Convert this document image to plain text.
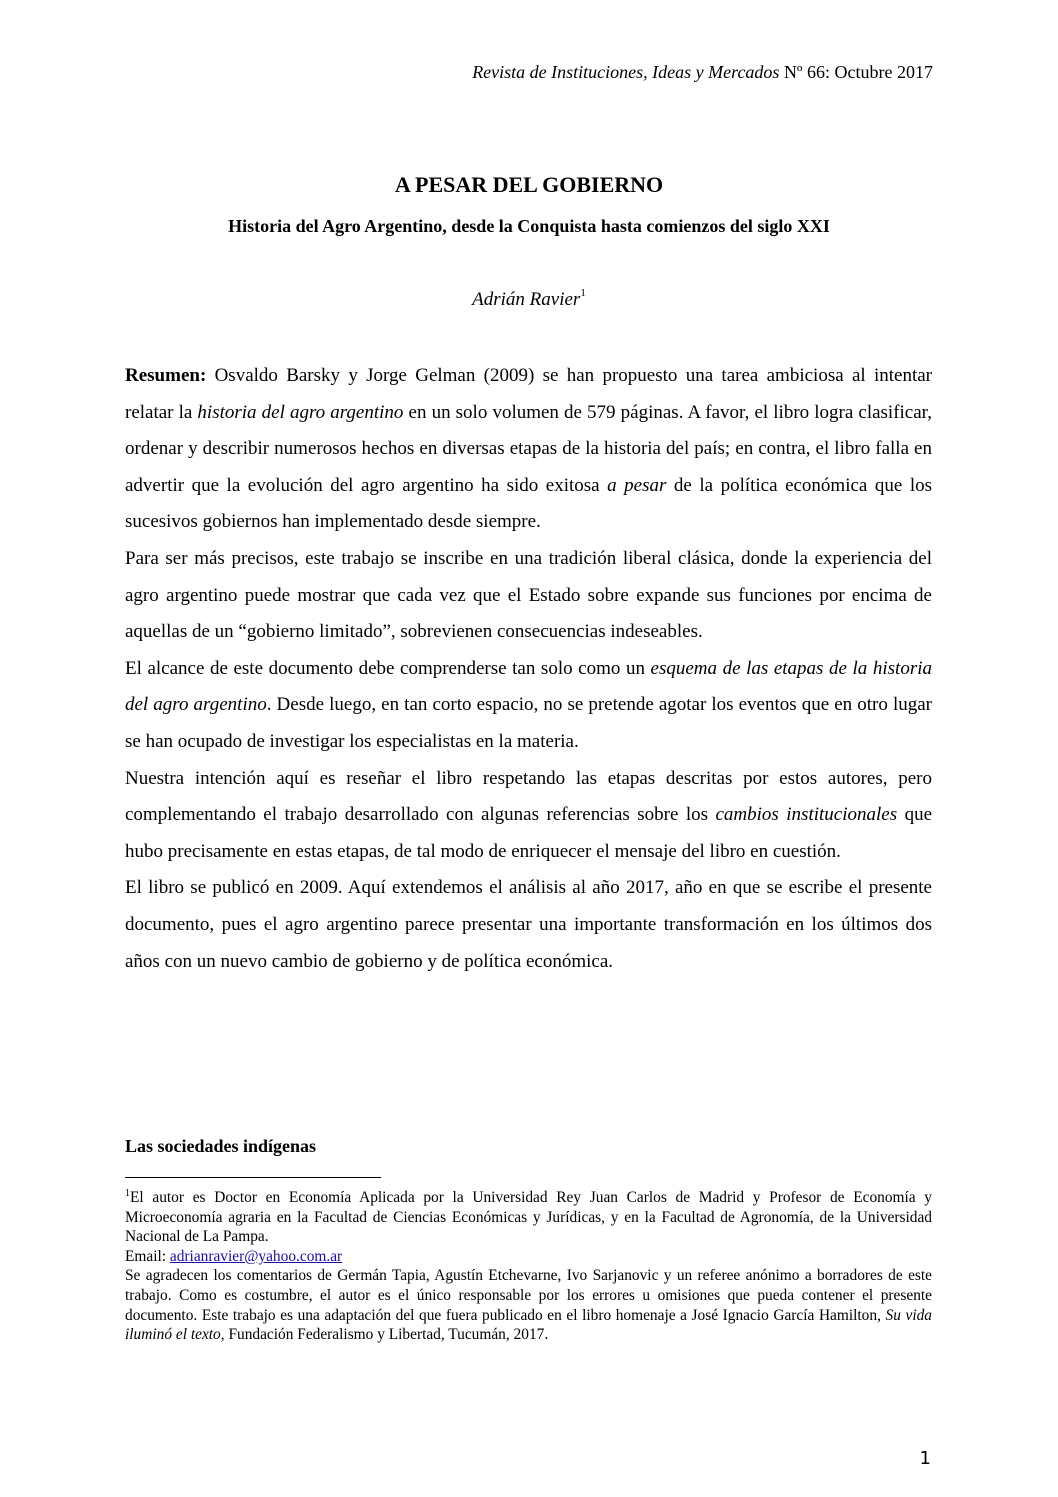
Revista de Instituciones, Ideas y Mercados Nº 66: Octubre 2017
A PESAR DEL GOBIERNO
Historia del Agro Argentino, desde la Conquista hasta comienzos del siglo XXI
Adrián Ravier$^1$

Resumen: Osvaldo Barsky y Jorge Gelman (2009) se han propuesto una tarea ambiciosa al intentar relatar la historia del agro argentino en un solo volumen de 579 páginas. A favor, el libro logra clasificar, ordenar y describir numerosos hechos en diversas etapas de la historia del país; en contra, el libro falla en advertir que la evolución del agro argentino ha sido exitosa a pesar de la política económica que los sucesivos gobiernos han implementado desde siempre.

Para ser más precisos, este trabajo se inscribe en una tradición liberal clásica, donde la experiencia del agro argentino puede mostrar que cada vez que el Estado sobre expande sus funciones por encima de aquellas de un “gobierno limitado”, sobrevienen consecuencias indeseables.

El alcance de este documento debe comprenderse tan solo como un esquema de las etapas de la historia del agro argentino. Desde luego, en tan corto espacio, no se pretende agotar los eventos que en otro lugar se han ocupado de investigar los especialistas en la materia.

Nuestra intención aquí es reseñar el libro respetando las etapas descritas por estos autores, pero complementando el trabajo desarrollado con algunas referencias sobre los cambios institucionales que hubo precisamente en estas etapas, de tal modo de enriquecer el mensaje del libro en cuestión.

El libro se publicó en 2009. Aquí extendemos el análisis al año 2017, año en que se escribe el presente documento, pues el agro argentino parece presentar una importante transformación en los últimos dos años con un nuevo cambio de gobierno y de política económica.

Las sociedades indígenas

$^1$El autor es Doctor en Economía Aplicada por la Universidad Rey Juan Carlos de Madrid y Profesor de Economía y Microeconomía agraria en la Facultad de Ciencias Económicas y Jurídicas, y en la Facultad de Agronomía, de la Universidad Nacional de La Pampa.

Email: adrianravier@yahoo.com.ar

Se agradecen los comentarios de Germán Tapia, Agustín Etchevarne, Ivo Sarjanovic y un referee anónimo a borradores de este trabajo. Como es costumbre, el autor es el único responsable por los errores u omisiones que pueda contener el presente documento. Este trabajo es una adaptación del que fuera publicado en el libro homenaje a José Ignacio García Hamilton, Su vida iluminó el texto, Fundación Federalismo y Libertad, Tucumán, 2017.

1
